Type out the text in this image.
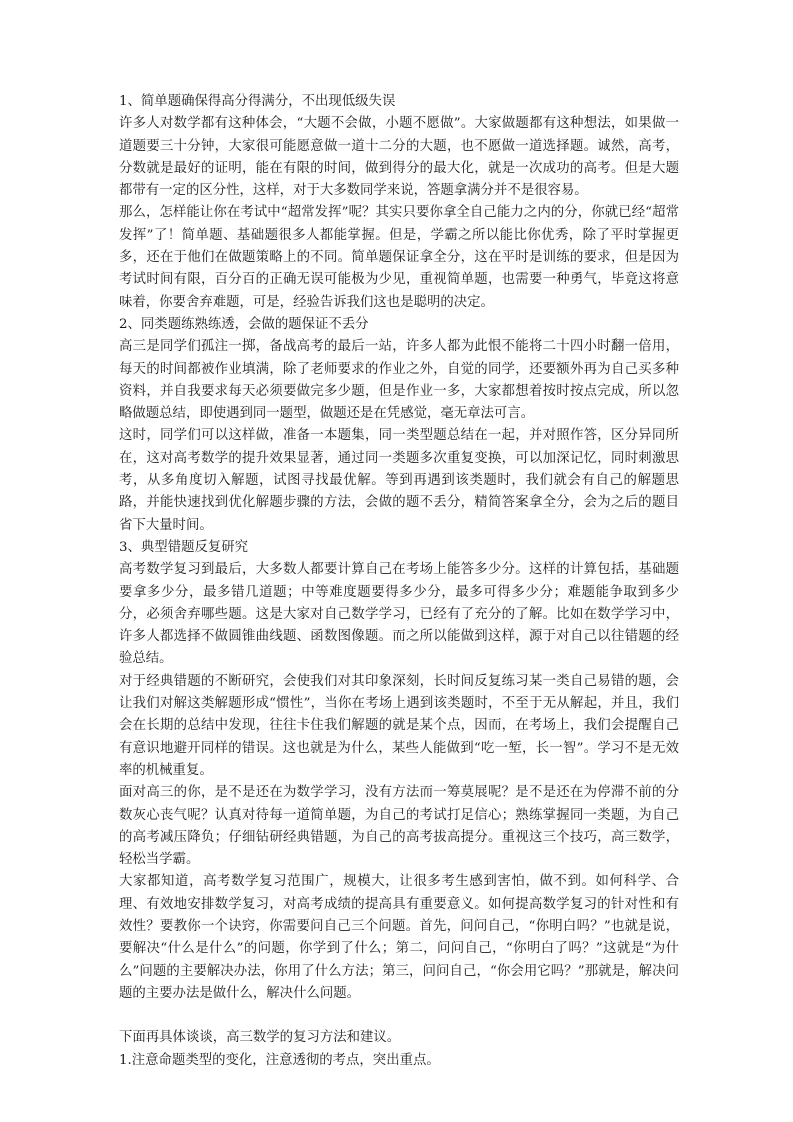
1、简单题确保得高分得满分，不出现低级失误

许多人对数学都有这种体会，“大题不会做，小题不愿做”。大家做题都有这种想法，如果做一道题要三十分钟，大家很可能愿意做一道十二分的大题，也不愿做一道选择题。诚然，高考，分数就是最好的证明，能在有限的时间，做到得分的最大化，就是一次成功的高考。但是大题都带有一定的区分性，这样，对于大多数同学来说，答题拿满分并不是很容易。

那么，怎样能让你在考试中“超常发挥”呢？其实只要你拿全自己能力之内的分，你就已经“超常发挥”了！简单题、基础题很多人都能掌握。但是，学霸之所以能比你优秀，除了平时掌握更多，还在于他们在做题策略上的不同。简单题保证拿全分，这在平时是训练的要求，但是因为考试时间有限，百分百的正确无误可能极为少见，重视简单题，也需要一种勇气，毕竟这将意味着，你要舍弃难题，可是，经验告诉我们这也是聪明的决定。

2、同类题练熟练透，会做的题保证不丢分

高三是同学们孤注一掷，备战高考的最后一站，许多人都为此恨不能将二十四小时翻一倍用，每天的时间都被作业填满，除了老师要求的作业之外，自觉的同学，还要额外再为自己买多种资料，并自我要求每天必须要做完多少题，但是作业一多，大家都想着按时按点完成，所以忽略做题总结，即使遇到同一题型，做题还是在凭感觉，毫无章法可言。

这时，同学们可以这样做，准备一本题集，同一类型题总结在一起，并对照作答，区分异同所在，这对高考数学的提升效果显著，通过同一类题多次重复变换，可以加深记忆，同时刺激思考，从多角度切入解题，试图寻找最优解。等到再遇到该类题时，我们就会有自己的解题思路，并能快速找到优化解题步骤的方法，会做的题不丢分，精简答案拿全分，会为之后的题目省下大量时间。

3、典型错题反复研究

高考数学复习到最后，大多数人都要计算自己在考场上能答多少分。这样的计算包括，基础题要拿多少分，最多错几道题；中等难度题要得多少分，最多可得多少分；难题能争取到多少分，必须舍弃哪些题。这是大家对自己数学学习，已经有了充分的了解。比如在数学学习中，许多人都选择不做圆锥曲线题、函数图像题。而之所以能做到这样，源于对自己以往错题的经验总结。

对于经典错题的不断研究，会使我们对其印象深刻，长时间反复练习某一类自己易错的题，会让我们对解这类解题形成“惯性”，当你在考场上遇到该类题时，不至于无从解起，并且，我们会在长期的总结中发现，往往卡住我们解题的就是某个点，因而，在考场上，我们会提醒自己有意识地避开同样的错误。这也就是为什么，某些人能做到“吃一堑，长一智”。学习不是无效率的机械重复。

面对高三的你，是不是还在为数学学习，没有方法而一筹莫展呢？是不是还在为停滞不前的分数灰心丧气呢？认真对待每一道简单题，为自己的考试打足信心；熟练掌握同一类题，为自己的高考减压降负；仔细钻研经典错题，为自己的高考拔高提分。重视这三个技巧，高三数学，轻松当学霸。

大家都知道，高考数学复习范围广，规模大，让很多考生感到害怕，做不到。如何科学、合理、有效地安排数学复习，对高考成绩的提高具有重要意义。如何提高数学复习的针对性和有效性？要教你一个诀窍，你需要问自己三个问题。首先，问问自己，“你明白吗？”也就是说，要解决“什么是什么”的问题，你学到了什么；第二，问问自己，“你明白了吗？”这就是“为什么”问题的主要解决办法，你用了什么方法；第三，问问自己，“你会用它吗？”那就是，解决问题的主要办法是做什么，解决什么问题。

下面再具体谈谈，高三数学的复习方法和建议。

1.注意命题类型的变化，注意透彻的考点，突出重点。
